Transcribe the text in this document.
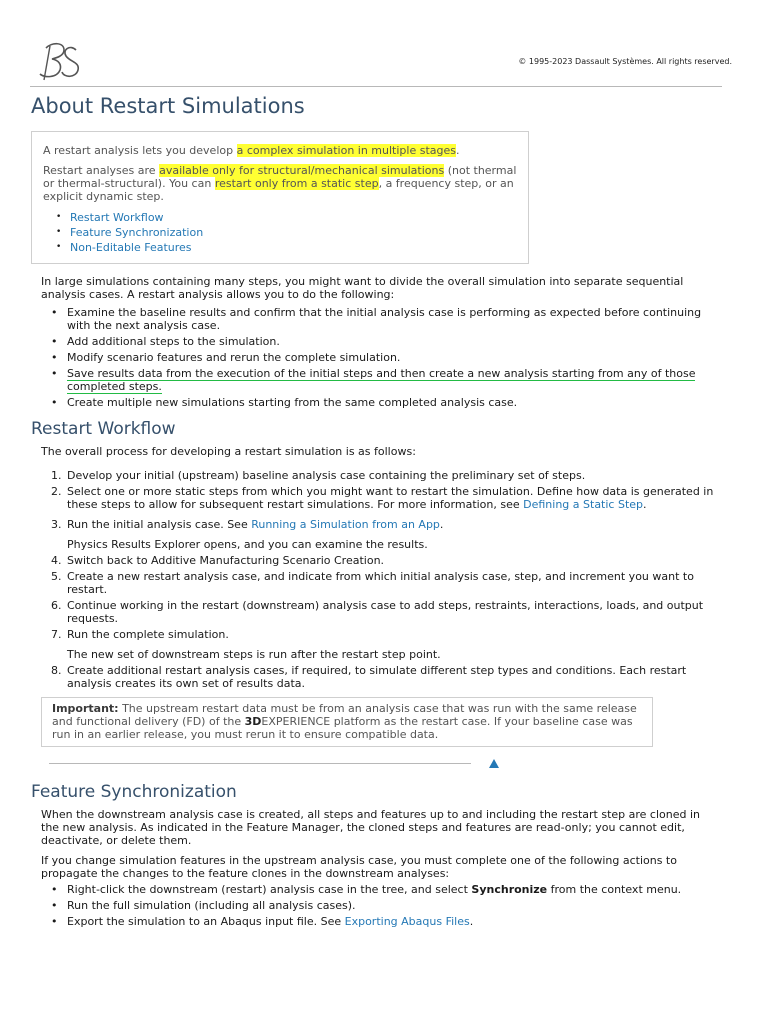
© 1995-2023 Dassault Systèmes. All rights reserved.
About Restart Simulations

A restart analysis lets you develop a complex simulation in multiple stages.

Restart analyses are available only for structural/mechanical simulations (not thermal or thermal-structural). You can restart only from a static step, a frequency step, or an explicit dynamic step.

• Restart Workflow
• Feature Synchronization
• Non-Editable Features

In large simulations containing many steps, you might want to divide the overall simulation into separate sequential analysis cases. A restart analysis allows you to do the following:

• Examine the baseline results and confirm that the initial analysis case is performing as expected before continuing with the next analysis case.
• Add additional steps to the simulation.
• Modify scenario features and rerun the complete simulation.
• Save results data from the execution of the initial steps and then create a new analysis starting from any of those completed steps.
• Create multiple new simulations starting from the same completed analysis case.
Restart Workflow

The overall process for developing a restart simulation is as follows:

1. Develop your initial (upstream) baseline analysis case containing the preliminary set of steps.
2. Select one or more static steps from which you might want to restart the simulation. Define how data is generated in these steps to allow for subsequent restart simulations. For more information, see Defining a Static Step.
3. Run the initial analysis case. See Running a Simulation from an App.
Physics Results Explorer opens, and you can examine the results.
4. Switch back to Additive Manufacturing Scenario Creation.
5. Create a new restart analysis case, and indicate from which initial analysis case, step, and increment you want to restart.
6. Continue working in the restart (downstream) analysis case to add steps, restraints, interactions, loads, and output requests.
7. Run the complete simulation.
The new set of downstream steps is run after the restart step point.
8. Create additional restart analysis cases, if required, to simulate different step types and conditions. Each restart analysis creates its own set of results data.
Important: The upstream restart data must be from an analysis case that was run with the same release and functional delivery (FD) of the 3DEXPERIENCE platform as the restart case. If your baseline case was run in an earlier release, you must rerun it to ensure compatible data.
Feature Synchronization

When the downstream analysis case is created, all steps and features up to and including the restart step are cloned in the new analysis. As indicated in the Feature Manager, the cloned steps and features are read-only; you cannot edit, deactivate, or delete them.

If you change simulation features in the upstream analysis case, you must complete one of the following actions to propagate the changes to the feature clones in the downstream analyses:

• Right-click the downstream (restart) analysis case in the tree, and select Synchronize from the context menu.
• Run the full simulation (including all analysis cases).
• Export the simulation to an Abaqus input file. See Exporting Abaqus Files.
